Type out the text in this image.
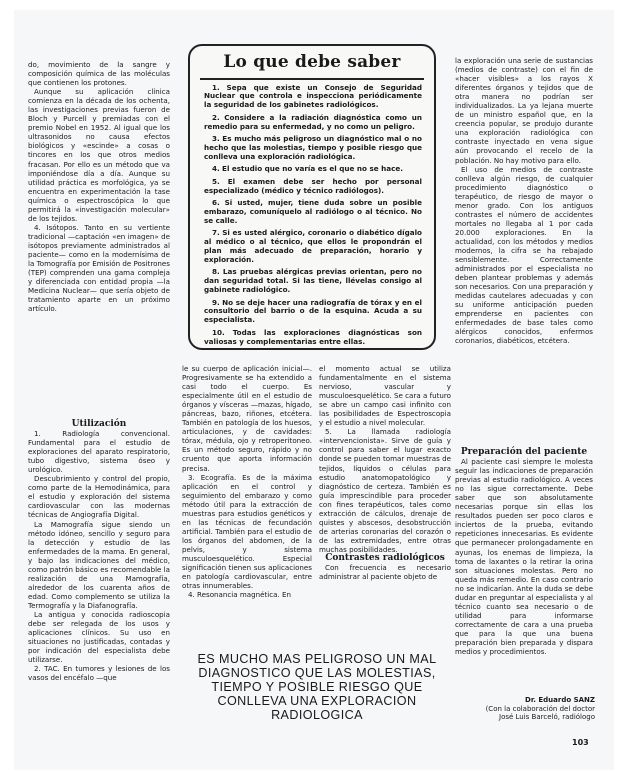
do, movimiento de la sangre y composición química de las moléculas que contienen los protones.

Aunque su aplicación clínica comienza en la década de los ochenta, las investigaciones previas fueron de Bloch y Purcell y premiadas con el premio Nobel en 1952. Al igual que los ultrasonidos no causa efectos biológicos y «escinde» a cosas o tincores en los que otros medios fracasan. Por ello es un método que va imponiéndose día a día. Aunque su utilidad práctica es morfológica, ya se encuentra en experimentación la tase química o espectroscópica lo que permitirá la «investigación molecular» de los tejidos.

4. Isótopos. Tanto en su vertiente tradicional —captación «en imagen» de isótopos previamente administrados al paciente— como en la modernísima de la Tomografía por Emisión de Positrones (TEP) comprenden una gama compleja y diferenciada con entidad propia —la Medicina Nuclear— que sería objeto de tratamiento aparte en un próximo artículo.

Utilización

1. Radiología convencional. Fundamental para el estudio de exploraciones del aparato respiratorio, tubo digestivo, sistema óseo y urológico.

Descubrimiento y control del propio, como parte de la Hemodinámica, para el estudio y exploración del sistema cardiovascular con las modernas técnicas de Angiografía Digital.

La Mamografía sigue siendo un método idóneo, sencillo y seguro para la detección y estudio de las enfermedades de la mama. En general, y bajo las indicaciones del médico, como patrón básico es recomendable la realización de una Mamografía, alrededor de los cuarenta años de edad. Como complemento se utiliza la Termografía y la Diafanografía.

La antigua y conocida radioscopia debe ser relegada de los usos y aplicaciones clínicos. Su uso en situaciones no justificadas, contadas y por indicación del especialista debe utilizarse.

2. TAC. En tumores y lesiones de los vasos del encéfalo —que

Lo que debe saber
1. Sepa que existe un Consejo de Seguridad Nuclear que controla e inspecciona periódicamente la seguridad de los gabinetes radiológicos.
2. Considere a la radiación diagnóstica como un remedio para su enfermedad, y no como un peligro.
3. Es mucho más peligroso un diagnóstico mal o no hecho que las molestias, tiempo y posible riesgo que conlleva una exploración radiológica.
4. El estudio que no varía es el que no se hace.
5. El examen debe ser hecho por personal especializado (médico y técnico radiólogos).
6. Si usted, mujer, tiene duda sobre un posible embarazo, comuníquelo al radiólogo o al técnico. No se calle.
7. Si es usted alérgico, coronario o diabético dígalo al médico o al técnico, que ellos le propondrán el plan más adecuado de preparación, horario y exploración.
8. Las pruebas alérgicas previas orientan, pero no dan seguridad total. Si las tiene, llévelas consigo al gabinete radiológico.
9. No se deje hacer una radiografía de tórax y en el consultorio del barrio o de la esquina. Acuda a su especialista.
10. Todas las exploraciones diagnósticas son valiosas y complementarias entre ellas.

le su cuerpo de aplicación inicial—. Progresivamente se ha extendido a casi todo el cuerpo. Es especialmente útil en el estudio de órganos y vísceras —mazas, hígado, páncreas, bazo, riñones, etcétera. También en patología de los huesos, articulaciones, y de cavidades: tórax, médula, ojo y retroperitoneo. Es un método seguro, rápido y no cruento que aporta información precisa.

3. Ecografía. Es de la máxima aplicación en el control y seguimiento del embarazo y como método útil para la extracción de muestras para estudios genéticos y en las técnicas de fecundación artificial. También para el estudio de los órganos del abdomen, de la pelvis, y sistema musculoesquelético. Especial significación tienen sus aplicaciones en patología cardiovascular, entre otras innumerables.

4. Resonancia magnética. En

el momento actual se utiliza fundamentalmente en el sistema nervioso, vascular y musculoesquelético. Se cara a futuro se abre un campo casi infinito con las posibilidades de Espectroscopia y el estudio a nivel molecular.

5. La llamada radiología «intervencionista». Sirve de guía y control para saber el lugar exacto donde se pueden tomar muestras de tejidos, líquidos o células para estudio anatomopatológico y diagnóstico de certeza. También es guía imprescindible para proceder con fines terapéuticos, tales como extracción de cálculos, drenaje de quistes y abscesos, desobstrucción de arterias coronarias del corazón o de las extremidades, entre otras muchas posibilidades.

Contrastes radiológicos

Con frecuencia es necesario administrar al paciente objeto de

la exploración una serie de sustancias (medios de contraste) con el fin de «hacer visibles» a los rayos X diferentes órganos y tejidos que de otra manera no podrían ser individualizados. La ya lejana muerte de un ministro español que, en la creencia popular, se produjo durante una exploración radiológica con contraste inyectado en vena sigue aún provocando el recelo de la población. No hay motivo para ello.

El uso de medios de contraste conlleva algún riesgo, de cualquier procedimiento diagnóstico o terapéutico, de riesgo de mayor o menor grado. Con los antiguos contrastes el número de accidentes mortales no llegaba al 1 por cada 20.000 exploraciones. En la actualidad, con los métodos y medios modernos, la cifra se ha rebajado sensiblemente. Correctamente administrados por el especialista no deben plantear problemas y además son necesarios. Con una preparación y medidas cautelares adecuadas y con su uniforme anticipación pueden emprenderse en pacientes con enfermedades de base tales como alérgicos conocidos, enfermos coronarios, diabéticos, etcétera.

Preparación del paciente

Al paciente casi siempre le molesta seguir las indicaciones de preparación previas al estudio radiológico. A veces no las sigue correctamente. Debe saber que son absolutamente necesarias porque sin ellas los resultados pueden ser poco claros e inciertos de la prueba, evitando repeticiones innecesarias. Es evidente que permanecer prolongadamente en ayunas, los enemas de limpieza, la toma de laxantes o la retirar la orina son situaciones molestas. Pero no queda más remedio. En caso contrario no se indicarían. Ante la duda se debe dudar en preguntar al especialista y al técnico cuanto sea necesario o de utilidad para informarse correctamente de cara a una prueba que para la que una buena preparación bien preparada y dispara medios y procedimientos.

ES MUCHO MAS PELIGROSO UN MAL DIAGNOSTICO QUE LAS MOLESTIAS, TIEMPO Y POSIBLE RIESGO QUE CONLLEVA UNA EXPLORACION RADIOLOGICA
Dr. Eduardo SANZ
(Con la colaboración del doctor
José Luis Barceló, radiólogo
103
